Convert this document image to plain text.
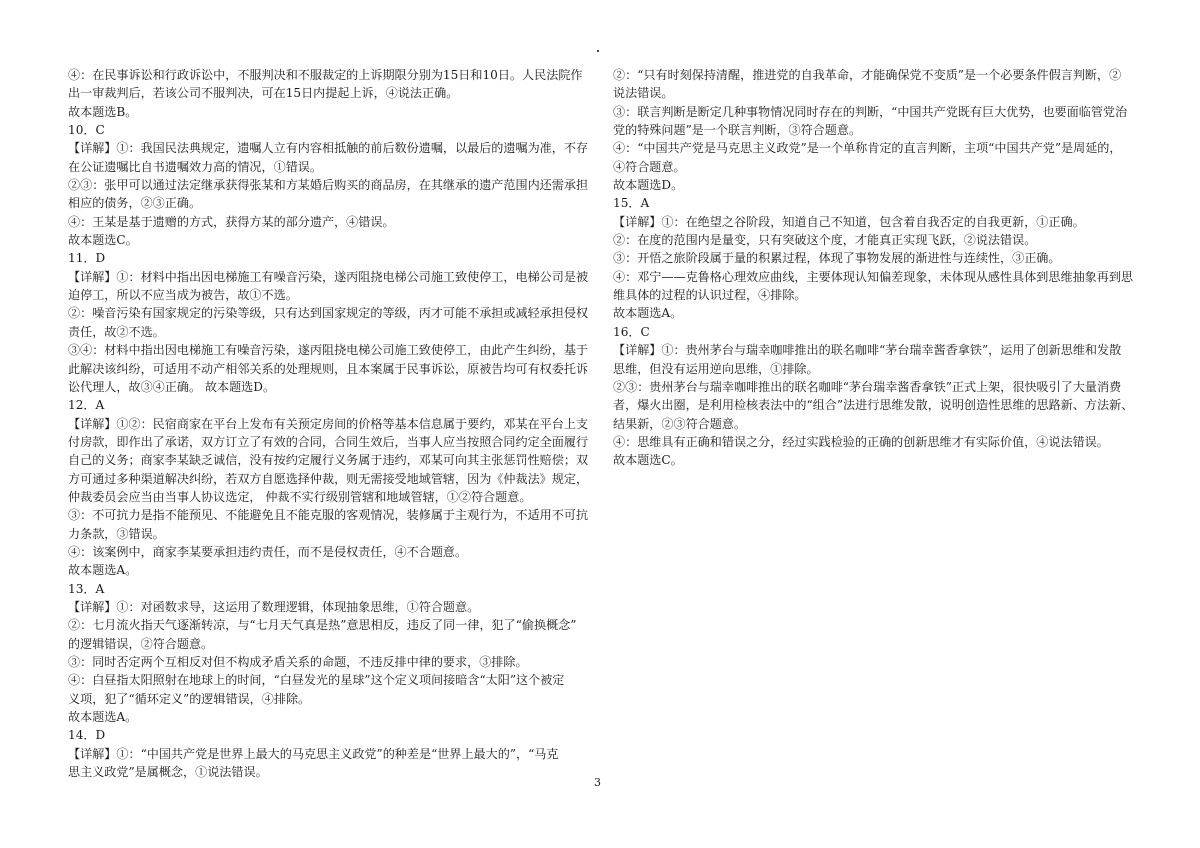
④：在民事诉讼和行政诉讼中，不服判决和不服裁定的上诉期限分别为15日和10日。人民法院作
出一审裁判后，若该公司不服判决，可在15日内提起上诉，④说法正确。
故本题选B。
10．C
【详解】①：我国民法典规定，遗嘱人立有内容相抵触的前后数份遗嘱，以最后的遗嘱为准，不存
在公证遗嘱比自书遗嘱效力高的情况，①错误。
②③：张甲可以通过法定继承获得张某和方某婚后购买的商品房，在其继承的遗产范围内还需承担
相应的债务，②③正确。
④：王某是基于遗赠的方式，获得方某的部分遗产，④错误。
故本题选C。
11．D
【详解】①：材料中指出因电梯施工有噪音污染，遂丙阻挠电梯公司施工致使停工，电梯公司是被
迫停工，所以不应当成为被告，故①不选。
②：噪音污染有国家规定的污染等级，只有达到国家规定的等级，丙才可能不承担或减轻承担侵权
责任，故②不选。
③④：材料中指出因电梯施工有噪音污染，遂丙阻挠电梯公司施工致使停工，由此产生纠纷，基于
此解决该纠纷，可适用不动产相邻关系的处理规则，且本案属于民事诉讼，原被告均可有权委托诉
讼代理人，故③④正确。 故本题选D。
12．A
【详解】①②：民宿商家在平台上发布有关预定房间的价格等基本信息属于要约，邓某在平台上支
付房款，即作出了承诺，双方订立了有效的合同，合同生效后，当事人应当按照合同约定全面履行
自己的义务；商家李某缺乏诚信，没有按约定履行义务属于违约，邓某可向其主张惩罚性赔偿；双
方可通过多种渠道解决纠纷，若双方自愿选择仲裁，则无需接受地域管辖，因为《仲裁法》规定，
仲裁委员会应当由当事人协议选定， 仲裁不实行级别管辖和地域管辖，①②符合题意。
③：不可抗力是指不能预见、不能避免且不能克服的客观情况，装修属于主观行为，不适用不可抗
力条款，③错误。
④：该案例中，商家李某要承担违约责任，而不是侵权责任，④不合题意。
故本题选A。
13．A
【详解】①：对函数求导，这运用了数理逻辑，体现抽象思维，①符合题意。
②：七月流火指天气逐渐转凉，与“七月天气真是热”意思相反，违反了同一律，犯了“偷换概念”
的逻辑错误，②符合题意。
③：同时否定两个互相反对但不构成矛盾关系的命题，不违反排中律的要求，③排除。
④：白昼指太阳照射在地球上的时间，“白昼发光的星球”这个定义项间接暗含“太阳”这个被定
义项，犯了“循环定义”的逻辑错误，④排除。
故本题选A。
14．D
【详解】①：“中国共产党是世界上最大的马克思主义政党”的种差是“世界上最大的”，“马克
思主义政党”是属概念，①说法错误。
②：“只有时刻保持清醒，推进党的自我革命，才能确保党不变质”是一个必要条件假言判断，②
说法错误。
③：联言判断是断定几种事物情况同时存在的判断，“中国共产党既有巨大优势，也要面临管党治
党的特殊问题”是一个联言判断，③符合题意。
④：“中国共产党是马克思主义政党”是一个单称肯定的直言判断，主项“中国共产党”是周延的，
④符合题意。
故本题选D。
15．A
【详解】①：在绝望之谷阶段，知道自己不知道，包含着自我否定的自我更新，①正确。
②：在度的范围内是量变，只有突破这个度，才能真正实现飞跃，②说法错误。
③：开悟之旅阶段属于量的积累过程，体现了事物发展的渐进性与连续性，③正确。
④：邓宁——克鲁格心理效应曲线，主要体现认知偏差现象，未体现从感性具体到思维抽象再到思
维具体的过程的认识过程，④排除。
故本题选A。
16．C
【详解】①：贵州茅台与瑞幸咖啡推出的联名咖啡“茅台瑞幸酱香拿铁”，运用了创新思维和发散
思维，但没有运用逆向思维，①排除。
②③：贵州茅台与瑞幸咖啡推出的联名咖啡“茅台瑞幸酱香拿铁”正式上架，很快吸引了大量消费
者，爆火出圈，是利用检核表法中的“组合”法进行思维发散，说明创造性思维的思路新、方法新、
结果新，②③符合题意。
④：思维具有正确和错误之分，经过实践检验的正确的创新思维才有实际价值，④说法错误。
故本题选C。
3
